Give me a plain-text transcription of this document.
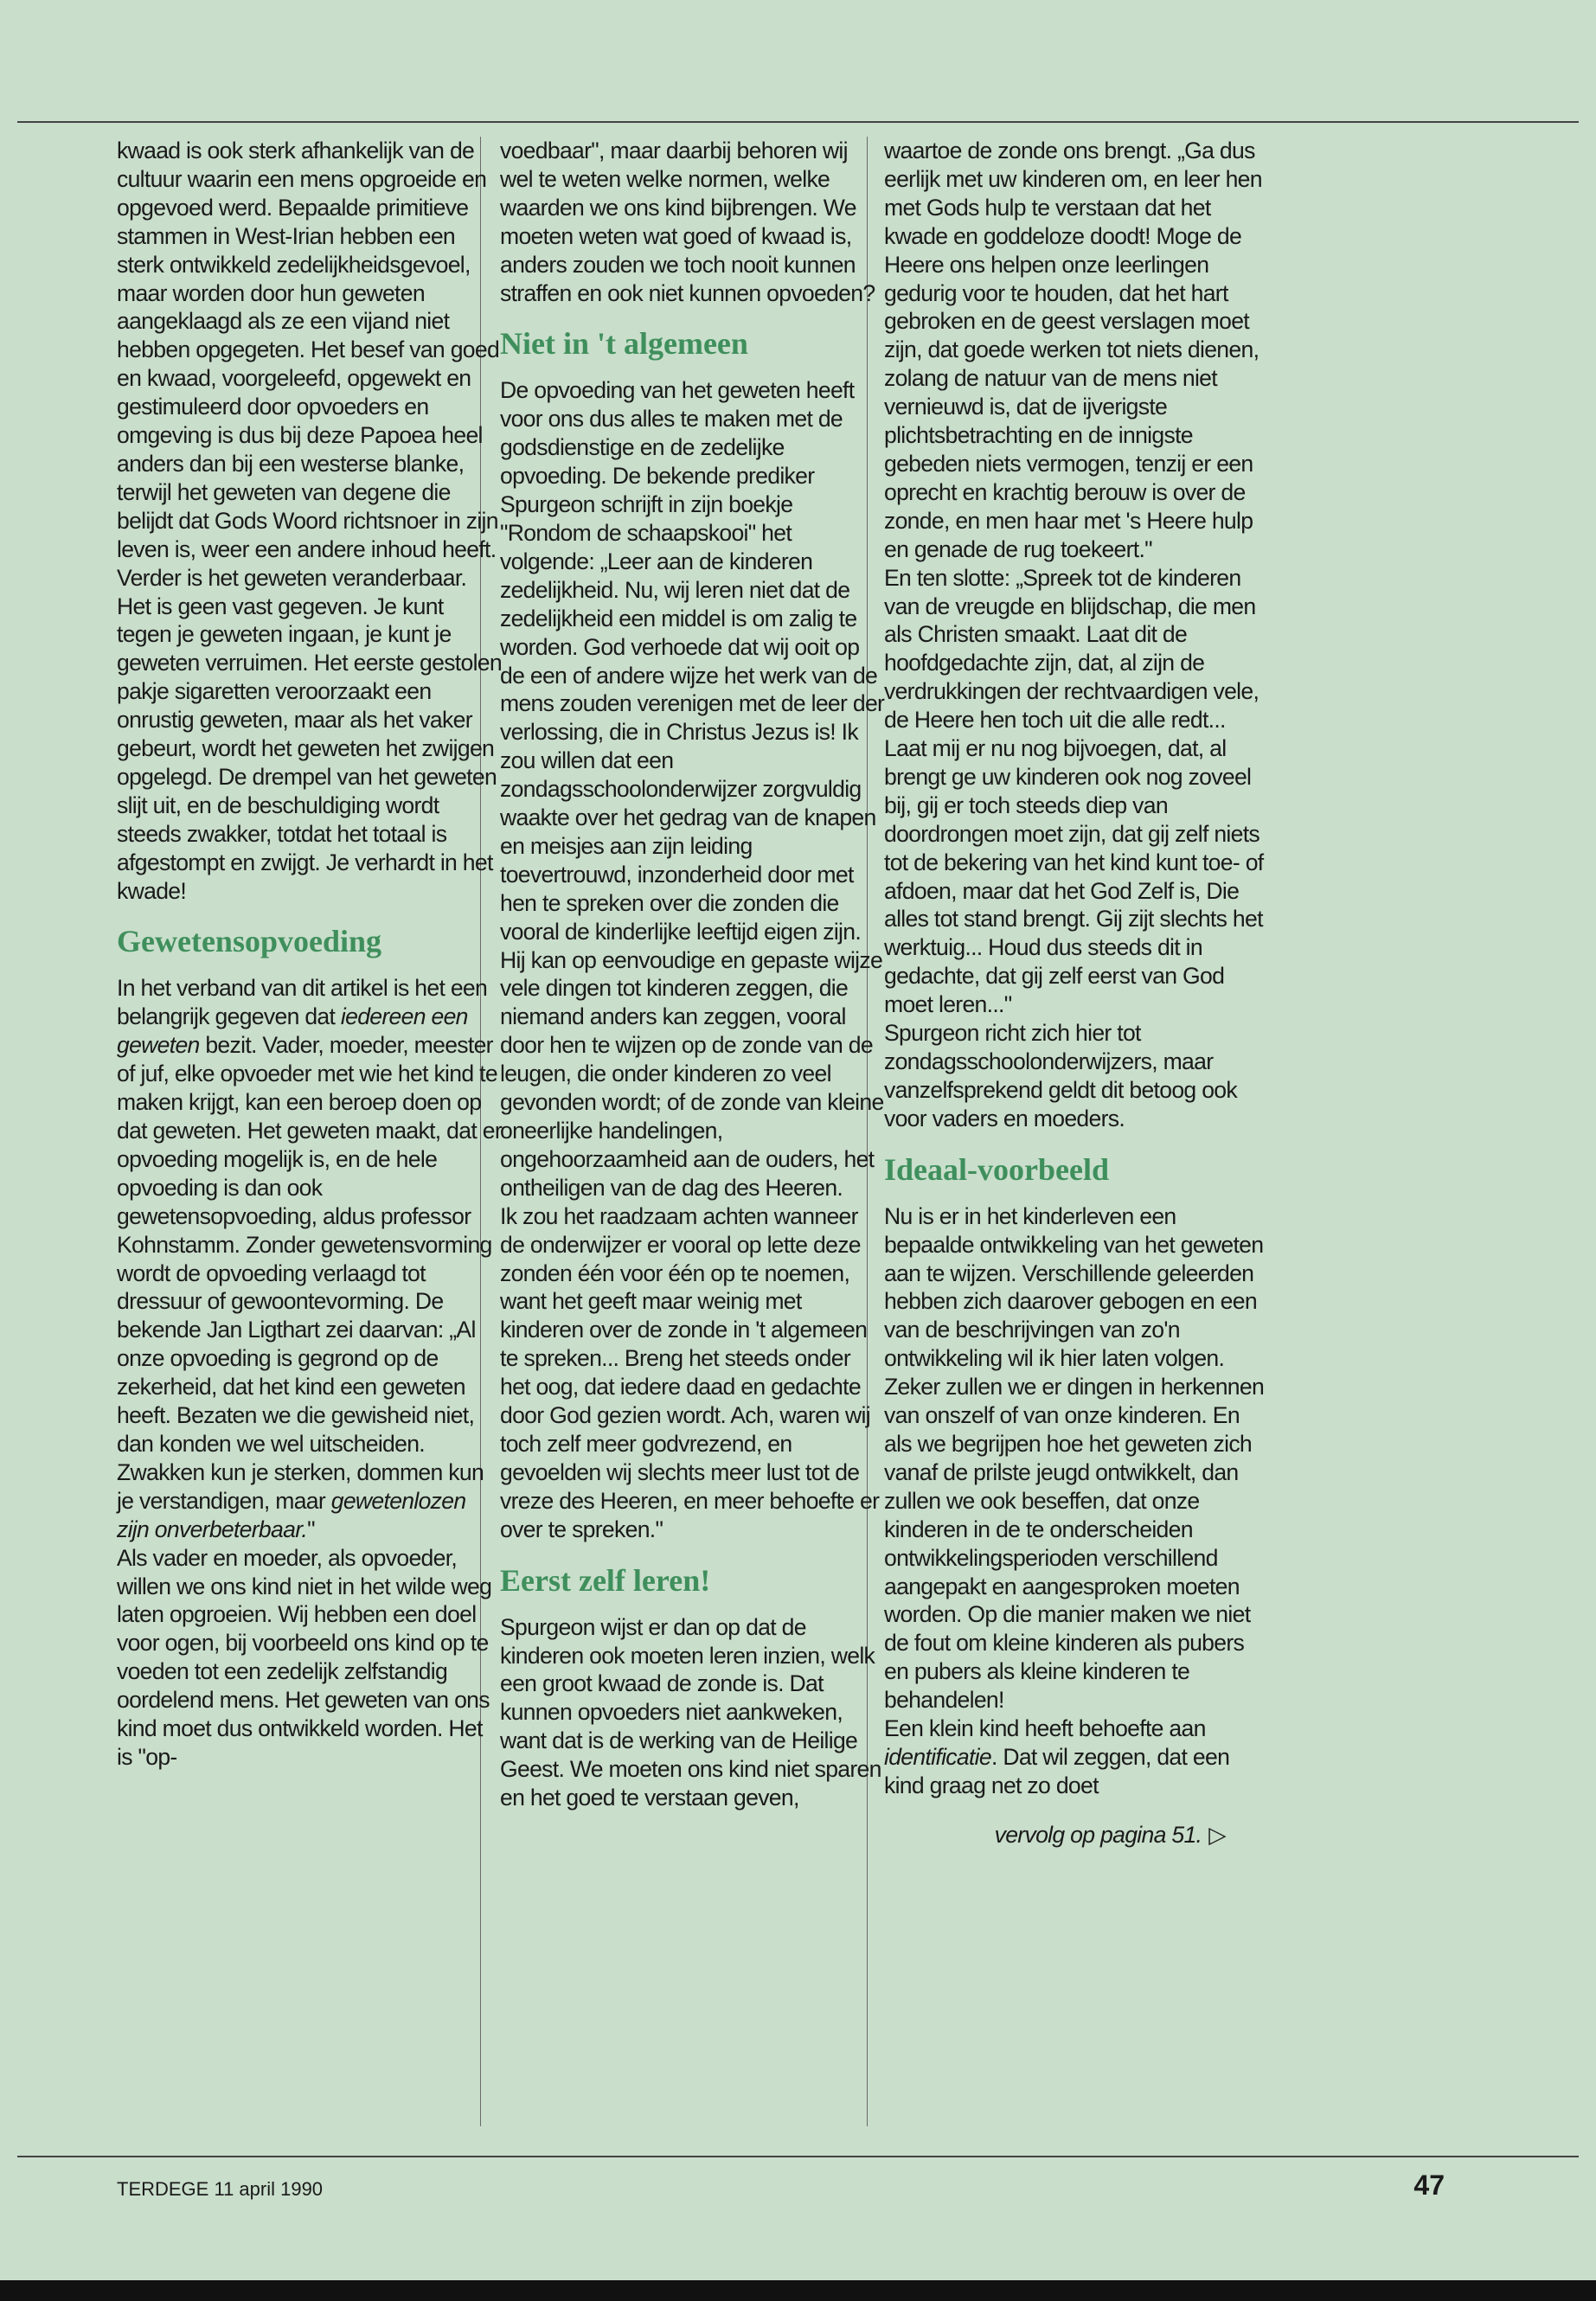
kwaad is ook sterk afhankelijk van de cultuur waarin een mens opgroeide en opgevoed werd. Bepaalde primitieve stammen in West-Irian hebben een sterk ontwikkeld zedelijkheidsgevoel, maar worden door hun geweten aangeklaagd als ze een vijand niet hebben opgegeten. Het besef van goed en kwaad, voorgeleefd, opgewekt en gestimuleerd door opvoeders en omgeving is dus bij deze Papoea heel anders dan bij een westerse blanke, terwijl het geweten van degene die belijdt dat Gods Woord richtsnoer in zijn leven is, weer een andere inhoud heeft.

Verder is het geweten veranderbaar. Het is geen vast gegeven. Je kunt tegen je geweten ingaan, je kunt je geweten verruimen. Het eerste gestolen pakje sigaretten veroorzaakt een onrustig geweten, maar als het vaker gebeurt, wordt het geweten het zwijgen opgelegd. De drempel van het geweten slijt uit, en de beschuldiging wordt steeds zwakker, totdat het totaal is afgestompt en zwijgt. Je verhardt in het kwade!

Gewetensopvoeding

In het verband van dit artikel is het een belangrijk gegeven dat iedereen een geweten bezit. Vader, moeder, meester of juf, elke opvoeder met wie het kind te maken krijgt, kan een beroep doen op dat geweten. Het geweten maakt, dat er opvoeding mogelijk is, en de hele opvoeding is dan ook gewetensopvoeding, aldus professor Kohnstamm. Zonder gewetensvorming wordt de opvoeding verlaagd tot dressuur of gewoontevorming. De bekende Jan Ligthart zei daarvan: „Al onze opvoeding is gegrond op de zekerheid, dat het kind een geweten heeft. Bezaten we die gewisheid niet, dan konden we wel uitscheiden. Zwakken kun je sterken, dommen kun je verstandigen, maar gewetenlozen zijn onverbeterbaar."

Als vader en moeder, als opvoeder, willen we ons kind niet in het wilde weg laten opgroeien. Wij hebben een doel voor ogen, bij voorbeeld ons kind op te voeden tot een zedelijk zelfstandig oordelend mens. Het geweten van ons kind moet dus ontwikkeld worden. Het is "op-

voedbaar", maar daarbij behoren wij wel te weten welke normen, welke waarden we ons kind bijbrengen. We moeten weten wat goed of kwaad is, anders zouden we toch nooit kunnen straffen en ook niet kunnen opvoeden?

Niet in 't algemeen

De opvoeding van het geweten heeft voor ons dus alles te maken met de godsdienstige en de zedelijke opvoeding. De bekende prediker Spurgeon schrijft in zijn boekje "Rondom de schaapskooi" het volgende: „Leer aan de kinderen zedelijkheid. Nu, wij leren niet dat de zedelijkheid een middel is om zalig te worden. God verhoede dat wij ooit op de een of andere wijze het werk van de mens zouden verenigen met de leer der verlossing, die in Christus Jezus is! Ik zou willen dat een zondagsschoolonderwijzer zorgvuldig waakte over het gedrag van de knapen en meisjes aan zijn leiding toevertrouwd, inzonderheid door met hen te spreken over die zonden die vooral de kinderlijke leeftijd eigen zijn. Hij kan op eenvoudige en gepaste wijze vele dingen tot kinderen zeggen, die niemand anders kan zeggen, vooral door hen te wijzen op de zonde van de leugen, die onder kinderen zo veel gevonden wordt; of de zonde van kleine oneerlijke handelingen, ongehoorzaamheid aan de ouders, het ontheiligen van de dag des Heeren.

Ik zou het raadzaam achten wanneer de onderwijzer er vooral op lette deze zonden één voor één op te noemen, want het geeft maar weinig met kinderen over de zonde in 't algemeen te spreken... Breng het steeds onder het oog, dat iedere daad en gedachte door God gezien wordt. Ach, waren wij toch zelf meer godvrezend, en gevoelden wij slechts meer lust tot de vreze des Heeren, en meer behoefte er over te spreken."

Eerst zelf leren!

Spurgeon wijst er dan op dat de kinderen ook moeten leren inzien, welk een groot kwaad de zonde is. Dat kunnen opvoeders niet aankweken, want dat is de werking van de Heilige Geest. We moeten ons kind niet sparen en het goed te verstaan geven,

waartoe de zonde ons brengt. „Ga dus eerlijk met uw kinderen om, en leer hen met Gods hulp te verstaan dat het kwade en goddeloze doodt! Moge de Heere ons helpen onze leerlingen gedurig voor te houden, dat het hart gebroken en de geest verslagen moet zijn, dat goede werken tot niets dienen, zolang de natuur van de mens niet vernieuwd is, dat de ijverigste plichtsbetrachting en de innigste gebeden niets vermogen, tenzij er een oprecht en krachtig berouw is over de zonde, en men haar met 's Heere hulp en genade de rug toekeert."

En ten slotte: „Spreek tot de kinderen van de vreugde en blijdschap, die men als Christen smaakt. Laat dit de hoofdgedachte zijn, dat, al zijn de verdrukkingen der rechtvaardigen vele, de Heere hen toch uit die alle redt... Laat mij er nu nog bijvoegen, dat, al brengt ge uw kinderen ook nog zoveel bij, gij er toch steeds diep van doordrongen moet zijn, dat gij zelf niets tot de bekering van het kind kunt toe- of afdoen, maar dat het God Zelf is, Die alles tot stand brengt. Gij zijt slechts het werktuig... Houd dus steeds dit in gedachte, dat gij zelf eerst van God moet leren..."

Spurgeon richt zich hier tot zondagsschoolonderwijzers, maar vanzelfsprekend geldt dit betoog ook voor vaders en moeders.

Ideaal-voorbeeld

Nu is er in het kinderleven een bepaalde ontwikkeling van het geweten aan te wijzen. Verschillende geleerden hebben zich daarover gebogen en een van de beschrijvingen van zo'n ontwikkeling wil ik hier laten volgen. Zeker zullen we er dingen in herkennen van onszelf of van onze kinderen. En als we begrijpen hoe het geweten zich vanaf de prilste jeugd ontwikkelt, dan zullen we ook beseffen, dat onze kinderen in de te onderscheiden ontwikkelingsperioden verschillend aangepakt en aangesproken moeten worden. Op die manier maken we niet de fout om kleine kinderen als pubers en pubers als kleine kinderen te behandelen!

Een klein kind heeft behoefte aan identificatie. Dat wil zeggen, dat een kind graag net zo doet

vervolg op pagina 51. ▷
TERDEGE 11 april 1990	47
